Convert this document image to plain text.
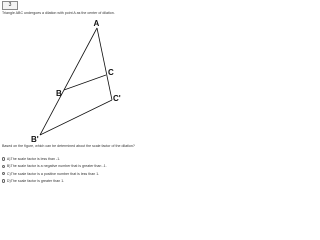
3
Triangle ABC undergoes a dilation with point A as the center of dilation.
A
C
B
C'
B'
Based on the figure, which can be determined about the scale factor of the dilation?
A ) The scale factor is less than -1.
B ) The scale factor is a negative number that is greater than -1.
C ) The scale factor is a positive number that is less than 1.
D ) The scale factor is greater than 1.
